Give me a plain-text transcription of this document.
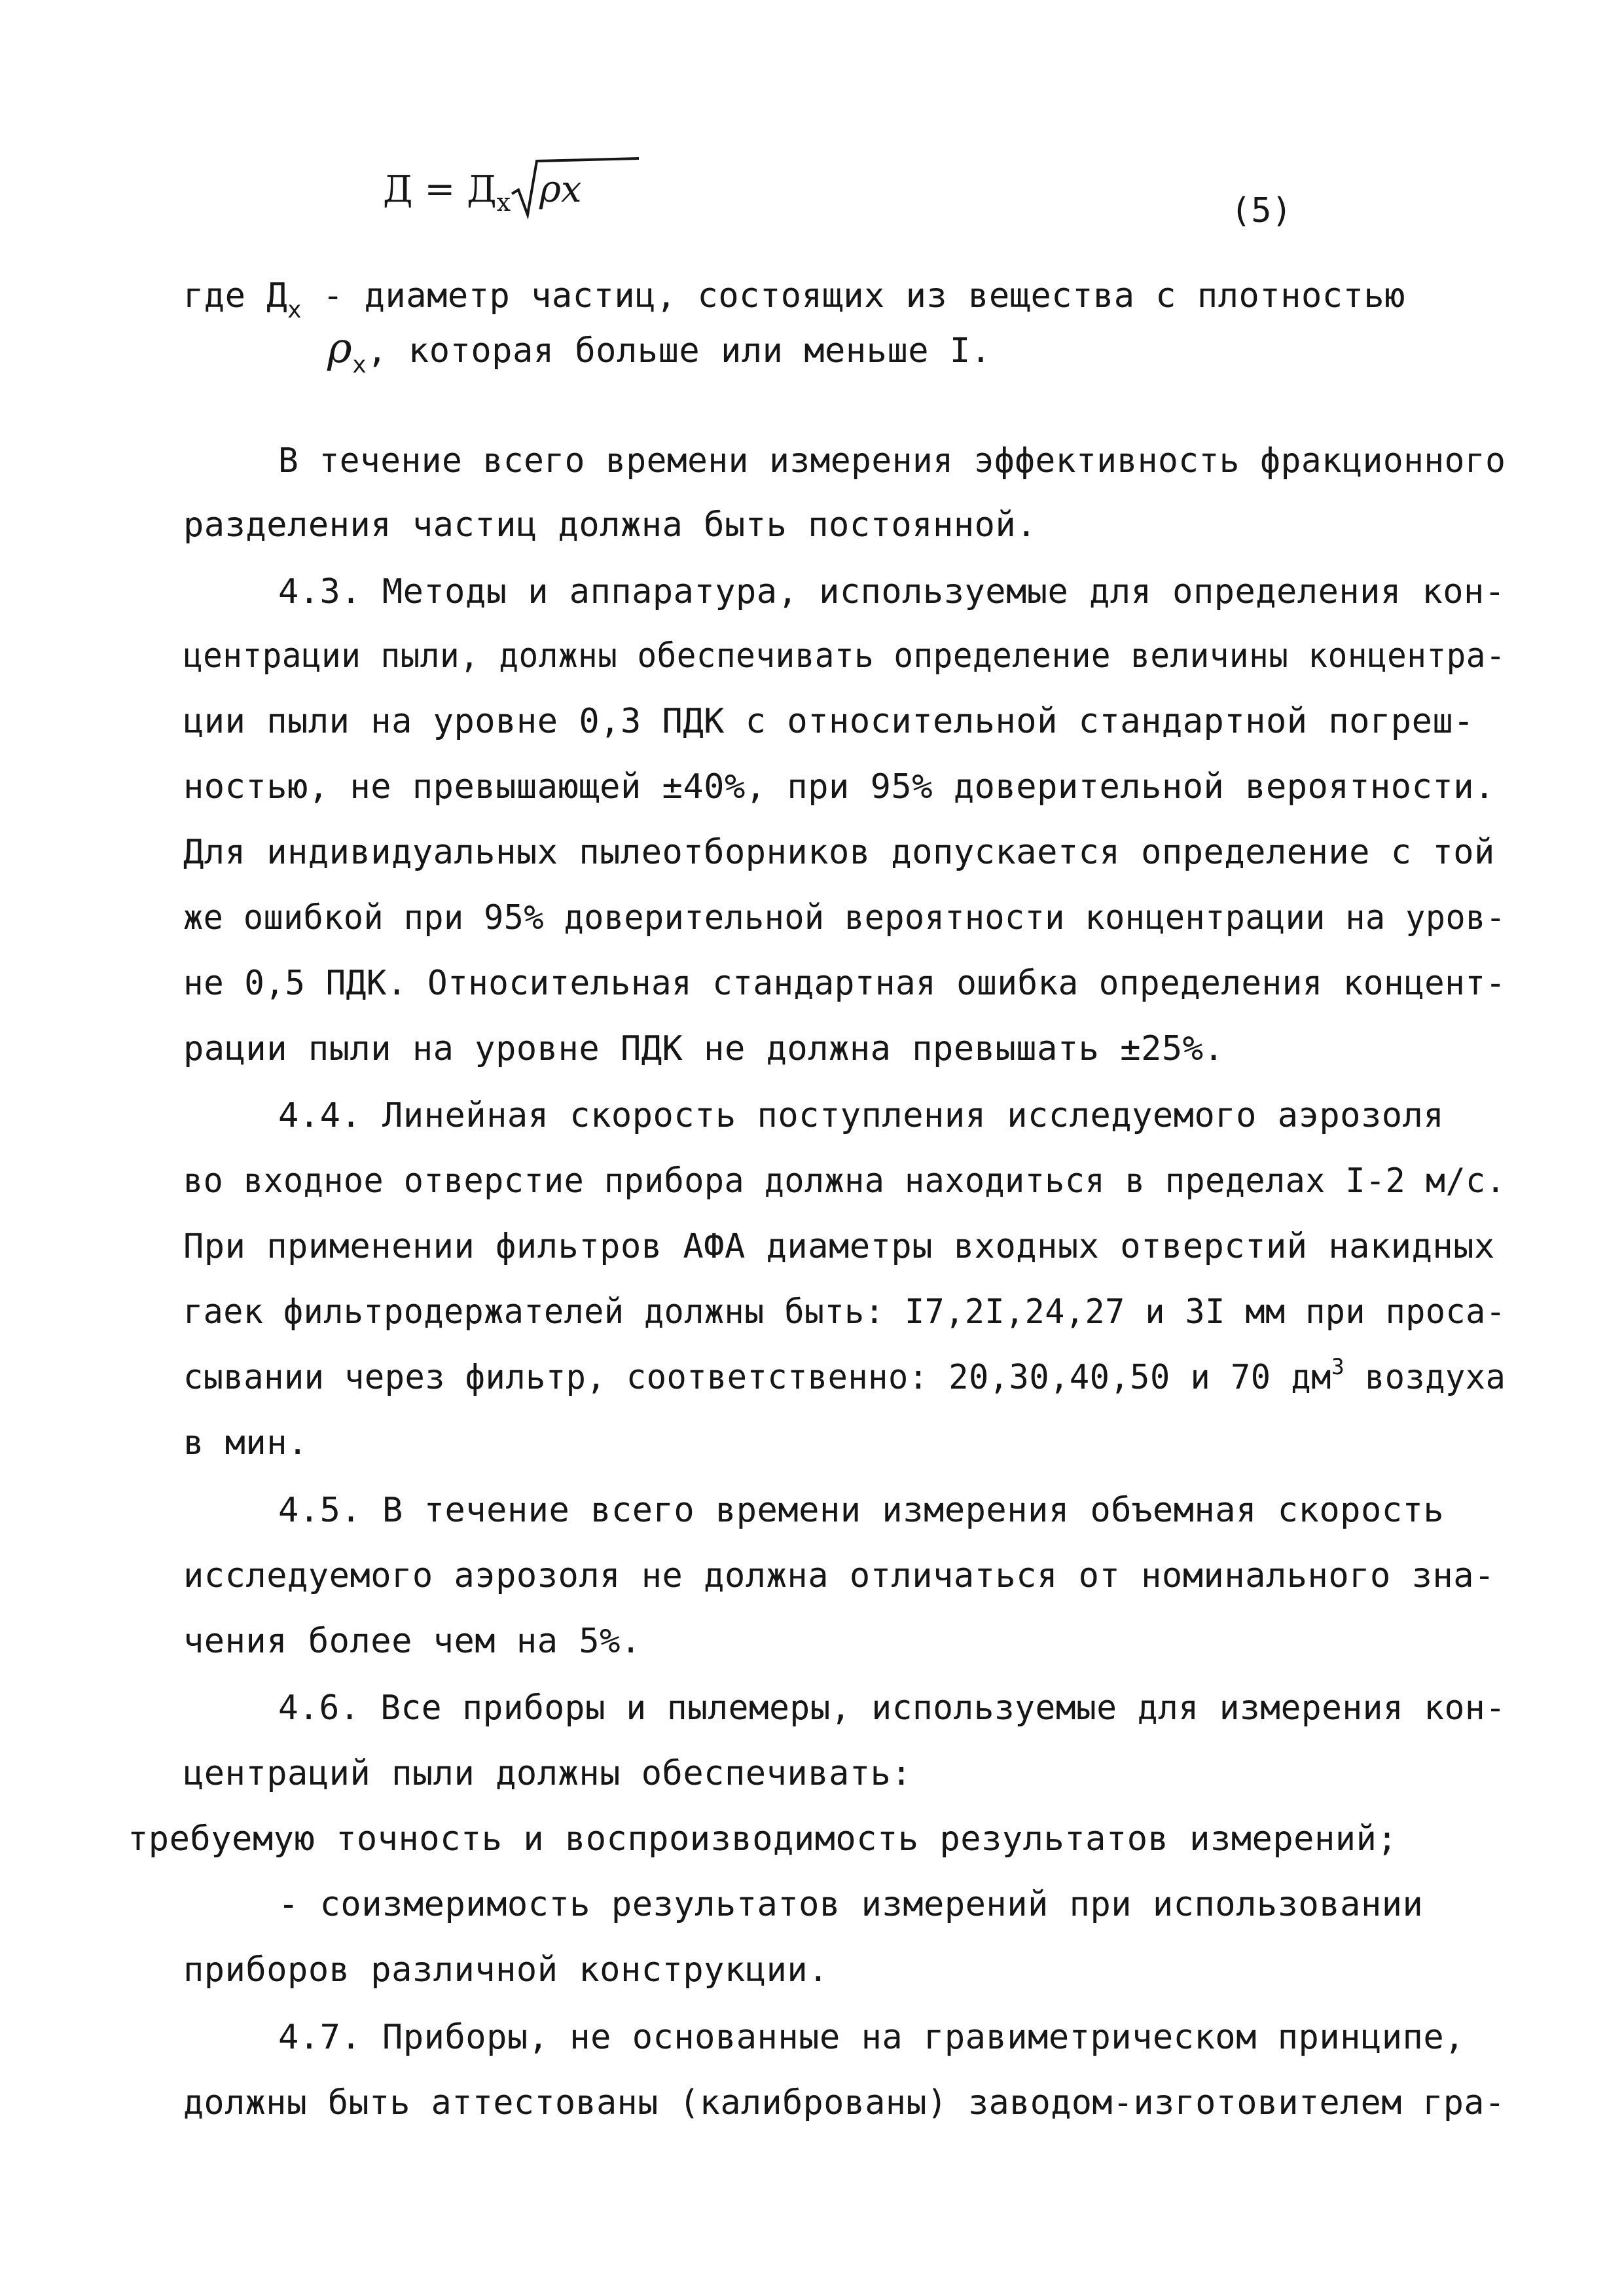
$Д = Д_х$ ρx	(5)
где $Д_х$ - диаметр частиц, состоящих из вещества с плотностью
$\rho_х$, которая больше или меньше I.
В течение всего времени измерения эффективность фракционного
разделения частиц должна быть постоянной.
4.3. Методы и аппаратура, используемые для определения кон-
центрации пыли, должны обеспечивать определение величины концентра-
ции пыли на уровне 0,3 ПДК с относительной стандартной погреш-
ностью, не превышающей ±40%, при 95% доверительной вероятности.
Для индивидуальных пылеотборников допускается определение с той
же ошибкой при 95% доверительной вероятности концентрации на уров-
не 0,5 ПДК. Относительная стандартная ошибка определения концент-
рации пыли на уровне ПДК не должна превышать ±25%.
4.4. Линейная скорость поступления исследуемого аэрозоля
во входное отверстие прибора должна находиться в пределах I-2 м/с.
При применении фильтров АФА диаметры входных отверстий накидных
гаек фильтродержателей должны быть: I7,2I,24,27 и 3I мм при проса-
сывании через фильтр, соответственно: 20,30,40,50 и 70 $дм^3$ воздуха
в мин.
4.5. В течение всего времени измерения объемная скорость
исследуемого аэрозоля не должна отличаться от номинального зна-
чения более чем на 5%.
4.6. Все приборы и пылемеры, используемые для измерения кон-
центраций пыли должны обеспечивать:
требуемую точность и воспроизводимость результатов измерений;
- соизмеримость результатов измерений при использовании
приборов различной конструкции.
4.7. Приборы, не основанные на гравиметрическом принципе,
должны быть аттестованы (калиброваны) заводом-изготовителем гра-
